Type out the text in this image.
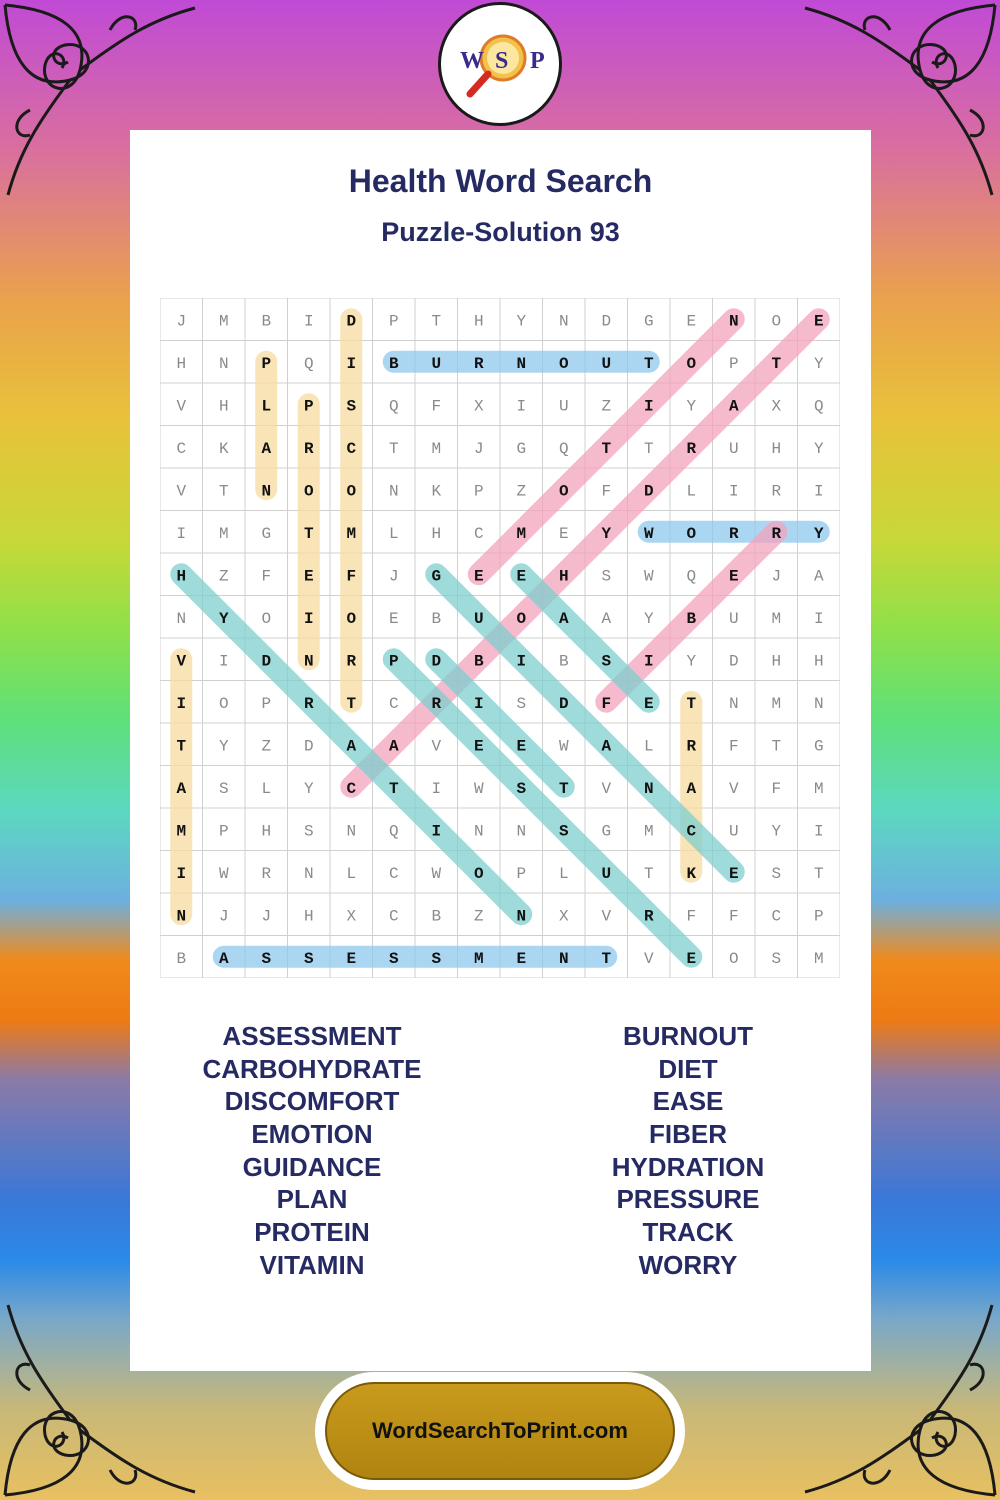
W S P
Health Word Search
Puzzle-Solution 93
J M B I D P T H Y N D G E N O E
H N P Q I B U R N O U T O P T Y
V H L P S Q F X I U Z I Y A X Q
C K A R C T M J G Q T T R U H Y
V T N O O N K P Z O F D L I R I
I M G T M L H C M E Y W O R R Y
H Z F E F J G E E H S W Q E J A
N Y O I O E B U O A A Y B U M I
V I D N R P D B I B S I Y D H H
I O P R T C R I S D F E T N M N
T Y Z D A A V E E W A L R F T G
A S L Y C T I W S T V N A V F M
M P H S N Q I N N S G M C U Y I
I W R N L C W O P L U T K E S T
N J J H X C B Z N X V R F F C P
B A S S E S S M E N T V E O S M
ASSESSMENT
CARBOHYDRATE
DISCOMFORT
EMOTION
GUIDANCE
PLAN
PROTEIN
VITAMIN
BURNOUT
DIET
EASE
FIBER
HYDRATION
PRESSURE
TRACK
WORRY
WordSearchToPrint.com
